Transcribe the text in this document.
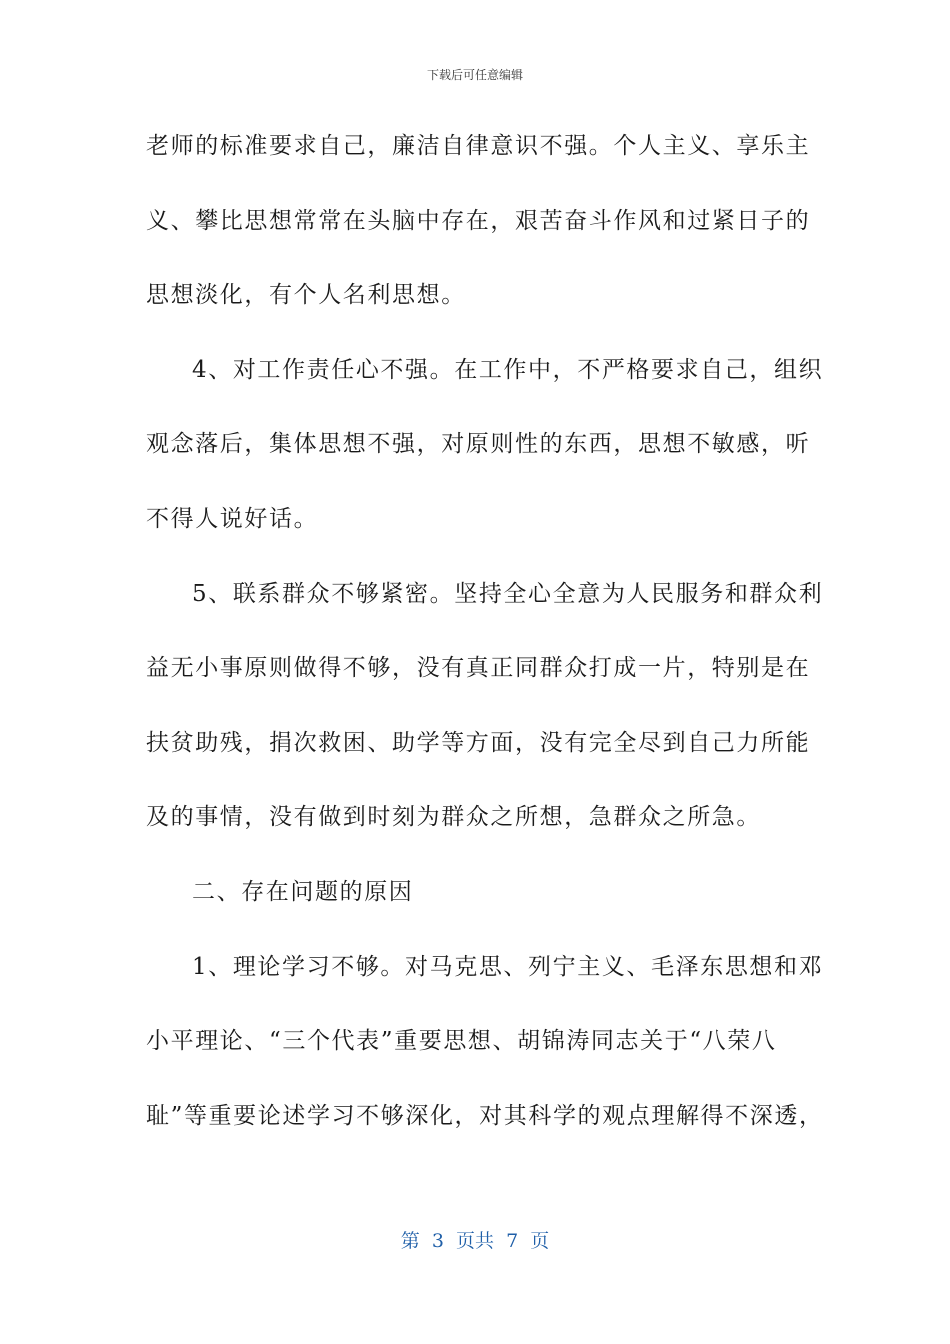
下载后可任意编辑
老师的标准要求自己，廉洁自律意识不强。个人主义、享乐主
义、攀比思想常常在头脑中存在，艰苦奋斗作风和过紧日子的
思想淡化，有个人名利思想。
4、对工作责任心不强。在工作中，不严格要求自己，组织
观念落后，集体思想不强，对原则性的东西，思想不敏感，听
不得人说好话。
5、联系群众不够紧密。坚持全心全意为人民服务和群众利
益无小事原则做得不够，没有真正同群众打成一片，特别是在
扶贫助残，捐次救困、助学等方面，没有完全尽到自己力所能
及的事情，没有做到时刻为群众之所想，急群众之所急。
二、存在问题的原因
1、理论学习不够。对马克思、列宁主义、毛泽东思想和邓
小平理论、“三个代表”重要思想、胡锦涛同志关于“八荣八
耻”等重要论述学习不够深化，对其科学的观点理解得不深透，
第  3  页共  7  页
